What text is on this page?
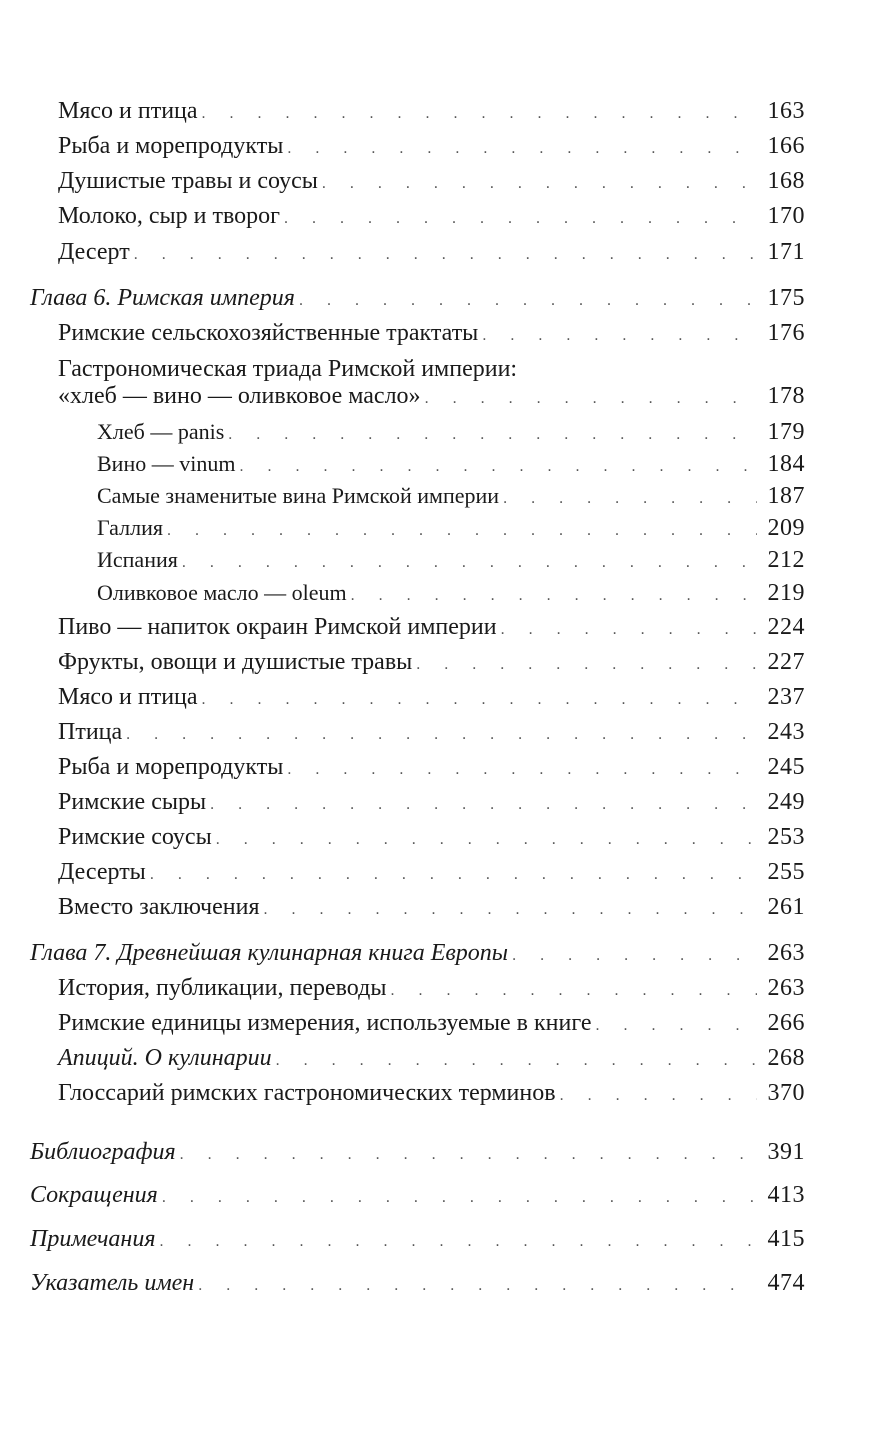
Мясо и птица . . .	163
Рыба и морепродукты . . .	166
Душистые травы и соусы . . .	168
Молоко, сыр и творог . . .	170
Десерт . . .	171
Глава 6. Римская империя . . .	175
Римские сельскохозяйственные трактаты . . .	176
Гастрономическая триада Римской империи:
«хлеб — вино — оливковое масло» . . .	178
Хлеб — panis . . .	179
Вино — vinum . . .	184
Самые знаменитые вина Римской империи . . .	187
Галлия . . .	209
Испания . . .	212
Оливковое масло — oleum . . .	219
Пиво — напиток окраин Римской империи . . .	224
Фрукты, овощи и душистые травы . . .	227
Мясо и птица . . .	237
Птица . . .	243
Рыба и морепродукты . . .	245
Римские сыры . . .	249
Римские соусы . . .	253
Десерты . . .	255
Вместо заключения . . .	261
Глава 7. Древнейшая кулинарная книга Европы . . .	263
История, публикации, переводы . . .	263
Римские единицы измерения, используемые в книге . . .	266
Апиций. О кулинарии . . .	268
Глоссарий римских гастрономических терминов . . .	370
Библиография . . .	391
Сокращения . . .	413
Примечания . . .	415
Указатель имен . . .	474
